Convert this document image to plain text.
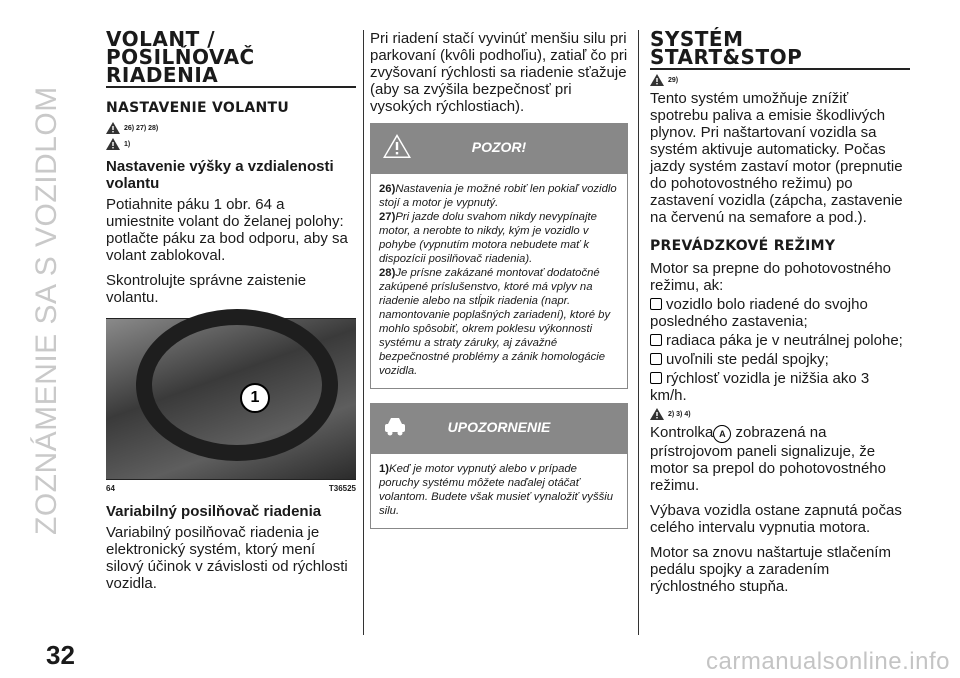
ZOZNÁMENIE SA S VOZIDLOM
VOLANT /
POSILŇOVAČ
RIADENIA
NASTAVENIE VOLANTU
26) 27) 28)
1)
Nastavenie výšky a vzdialenosti volantu

Potiahnite páku 1 obr. 64 a umiestnite volant do želanej polohy: potlačte páku za bod odporu, aby sa volant zablokoval.

Skontrolujte správne zaistenie volantu.

1
64	T36525
Variabilný posilňovač riadenia

Variabilný posilňovač riadenia je elektronický systém, ktorý mení silový účinok v závislosti od rýchlosti vozidla.

Pri riadení stačí vyvinúť menšiu silu pri parkovaní (kvôli podhoľiu), zatiaľ čo pri zvyšovaní rýchlosti sa riadenie sťažuje (aby sa zvýšila bezpečnosť pri vysokých rýchlostiach).

POZOR!
26)Nastavenia je možné robiť len pokiaľ vozidlo stojí a motor je vypnutý.
27)Pri jazde dolu svahom nikdy nevypínajte motor, a nerobte to nikdy, kým je vozidlo v pohybe (vypnutím motora nebudete mať k dispozícii posilňovač riadenia).
28)Je prísne zakázané montovať dodatočné zakúpené príslušenstvo, ktoré má vplyv na riadenie alebo na stĺpik riadenia (napr. namontovanie poplašných zariadení), ktoré by mohlo spôsobiť, okrem poklesu výkonnosti systému a straty záruky, aj závažné bezpečnostné problémy a zánik homologácie vozidla.
UPOZORNENIE
1)Keď je motor vypnutý alebo v prípade poruchy systému môžete naďalej otáčať volantom. Budete však musieť vynaložiť vyššiu silu.
SYSTÉM
START&STOP
29)

Tento systém umožňuje znížiť spotrebu paliva a emisie škodlivých plynov. Pri naštartovaní vozidla sa systém aktivuje automaticky. Počas jazdy systém zastaví motor (prepnutie do pohotovostného režimu) po zastavení vozidla (zápcha, zastavenie na červenú na semafore a pod.).

PREVÁDZKOVÉ REŽIMY

Motor sa prepne do pohotovostného režimu, ak:

vozidlo bolo riadené do svojho posledného zastavenia;

radiaca páka je v neutrálnej polohe;

uvoľnili ste pedál spojky;

rýchlosť vozidla je nižšia ako 3 km/h.

2) 3) 4)

Kontrolka A zobrazená na prístrojovom paneli signalizuje, že motor sa prepol do pohotovostného režimu.

Výbava vozidla ostane zapnutá počas celého intervalu vypnutia motora.

Motor sa znovu naštartuje stlačením pedálu spojky a zaradením rýchlostného stupňa.

32	carmanualsonline.info
